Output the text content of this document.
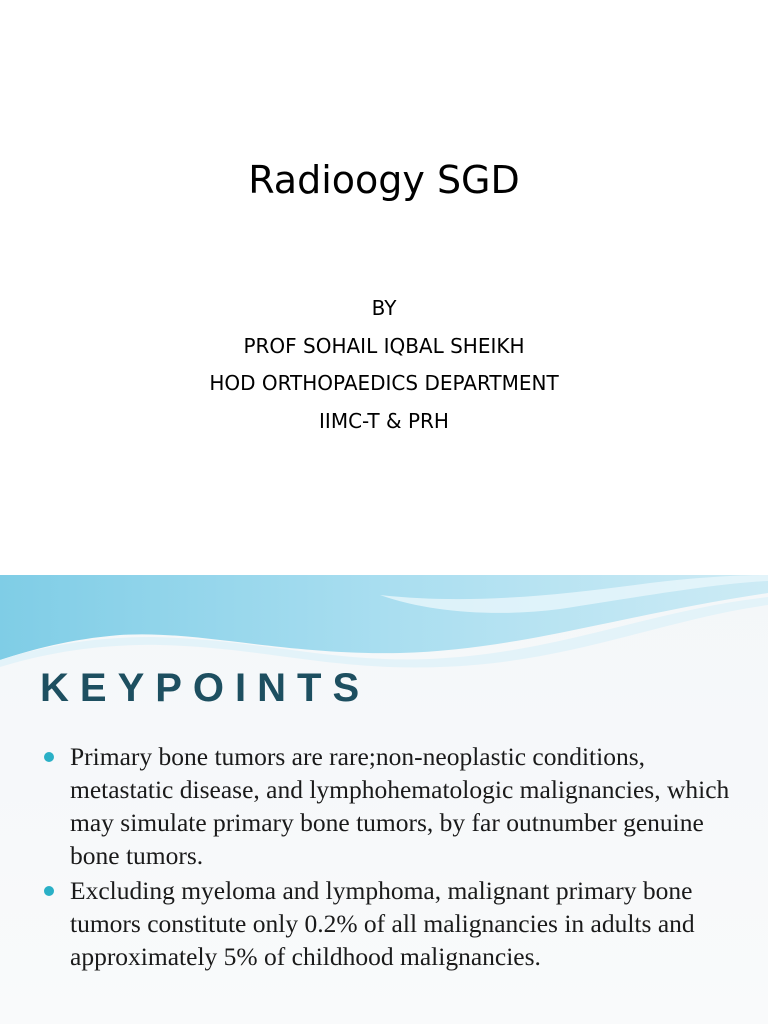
Radioogy SGD
BY
PROF SOHAIL IQBAL SHEIKH
HOD ORTHOPAEDICS DEPARTMENT
IIMC-T & PRH
KEYPOINTS
Primary bone tumors are rare;non-neoplastic conditions, metastatic disease, and lymphohematologic malignancies, which may simulate primary bone tumors, by far outnumber genuine bone tumors.
Excluding myeloma and lymphoma, malignant primary bone tumors constitute only 0.2% of all malignancies in adults and approximately 5% of childhood malignancies.
